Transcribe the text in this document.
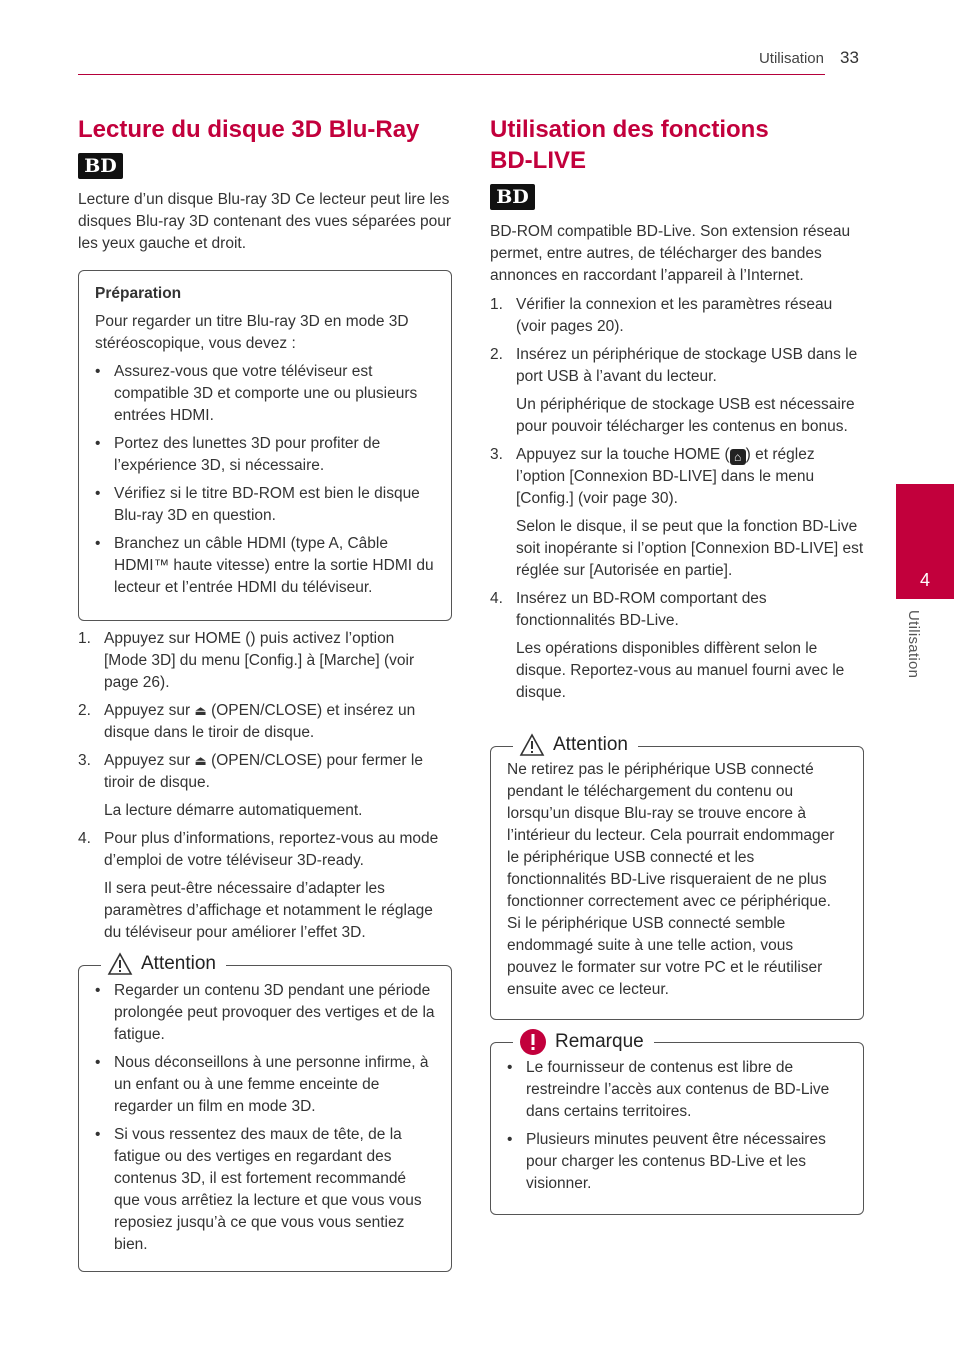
Utilisation 33
4
Utilisation
Lecture du disque 3D Blu-Ray
BD

Lecture d’un disque Blu-ray 3D Ce lecteur peut lire les disques Blu-ray 3D contenant des vues séparées pour les yeux gauche et droit.

Préparation

Pour regarder un titre Blu-ray 3D en mode 3D stéréoscopique, vous devez :

• Assurez-vous que votre téléviseur est compatible 3D et comporte une ou plusieurs entrées HDMI.
• Portez des lunettes 3D pour profiter de l’expérience 3D, si nécessaire.
• Vérifiez si le titre BD-ROM est bien le disque Blu-ray 3D en question.
• Branchez un câble HDMI (type A, Câble HDMI™ haute vitesse) entre la sortie HDMI du lecteur et l’entrée HDMI du téléviseur.
1. Appuyez sur HOME () puis activez l’option [Mode 3D] du menu [Config.] à [Marche] (voir page 26).
2. Appuyez sur ⏏ (OPEN/CLOSE) et insérez un disque dans le tiroir de disque.
3. Appuyez sur ⏏ (OPEN/CLOSE) pour fermer le tiroir de disque.
La lecture démarre automatiquement.
4. Pour plus d’informations, reportez-vous au mode d’emploi de votre téléviseur 3D-ready.
Il sera peut-être nécessaire d’adapter les paramètres d’affichage et notamment le réglage du téléviseur pour améliorer l’effet 3D.
Attention
• Regarder un contenu 3D pendant une période prolongée peut provoquer des vertiges et de la fatigue.
• Nous déconseillons à une personne infirme, à un enfant ou à une femme enceinte de regarder un film en mode 3D.
• Si vous ressentez des maux de tête, de la fatigue ou des vertiges en regardant des contenus 3D, il est fortement recommandé que vous arrêtiez la lecture et que vous vous reposiez jusqu’à ce que vous vous sentiez bien.
Utilisation des fonctions
BD-LIVE
BD

BD-ROM compatible BD-Live. Son extension réseau permet, entre autres, de télécharger des bandes annonces en raccordant l’appareil à l’Internet.

1. Vérifier la connexion et les paramètres réseau (voir pages 20).
2. Insérez un périphérique de stockage USB dans le port USB à l’avant du lecteur.
Un périphérique de stockage USB est nécessaire pour pouvoir télécharger les contenus en bonus.
3. Appuyez sur la touche HOME ( ⌂ ) et réglez l’option [Connexion BD-LIVE] dans le menu [Config.] (voir page 30).
Selon le disque, il se peut que la fonction BD-Live soit inopérante si l’option [Connexion BD-LIVE] est réglée sur [Autorisée en partie].
4. Insérez un BD-ROM comportant des fonctionnalités BD-Live.
Les opérations disponibles diffèrent selon le disque. Reportez-vous au manuel fourni avec le disque.
Attention

Ne retirez pas le périphérique USB connecté pendant le téléchargement du contenu ou lorsqu’un disque Blu-ray se trouve encore à l’intérieur du lecteur. Cela pourrait endommager le périphérique USB connecté et les fonctionnalités BD-Live risqueraient de ne plus fonctionner correctement avec ce périphérique. Si le périphérique USB connecté semble endommagé suite à une telle action, vous pouvez le formater sur votre PC et le réutiliser ensuite avec ce lecteur.

Remarque
• Le fournisseur de contenus est libre de restreindre l’accès aux contenus de BD-Live dans certains territoires.
• Plusieurs minutes peuvent être nécessaires pour charger les contenus BD-Live et les visionner.
